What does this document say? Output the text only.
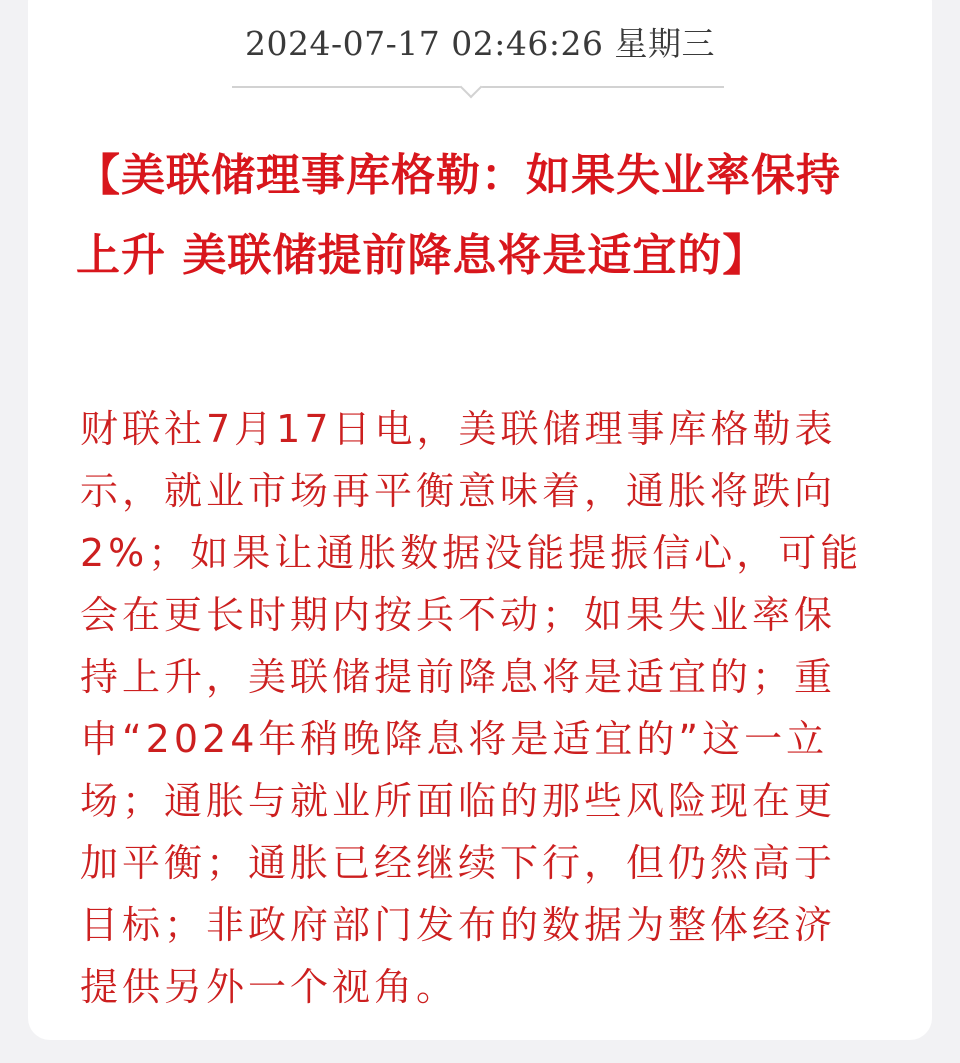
2024-07-17 02:46:26 星期三
【美联储理事库格勒：如果失业率保持上升 美联储提前降息将是适宜的】

财联社7月17日电，美联储理事库格勒表示，就业市场再平衡意味着，通胀将跌向2%；如果让通胀数据没能提振信心，可能会在更长时期内按兵不动；如果失业率保持上升，美联储提前降息将是适宜的；重申“2024年稍晚降息将是适宜的”这一立场；通胀与就业所面临的那些风险现在更加平衡；通胀已经继续下行，但仍然高于目标；非政府部门发布的数据为整体经济提供另外一个视角。
